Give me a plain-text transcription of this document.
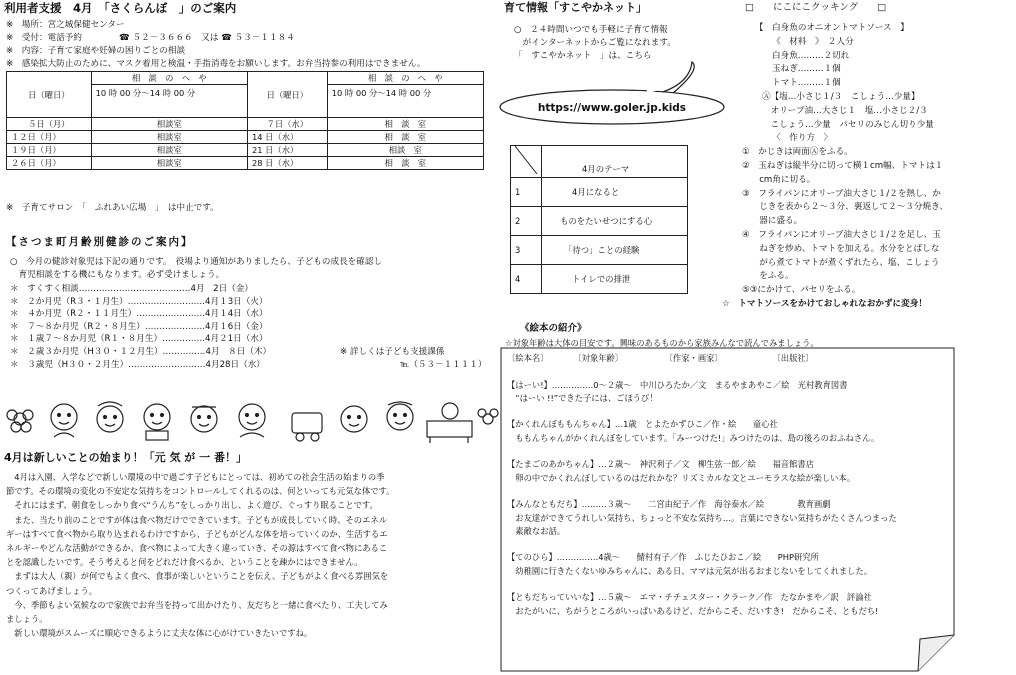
利用者支援　4月　「さくらんぼ　」のご案内
※　場所：宮之城保健センター
※　受付：電話予約　　　　 ☎ ５２－３６６６　又は ☎ ５３－１１８４
※　内容：子育て家庭や妊婦の困りごとの相談
※　感染拡大防止のために、マスク着用と検温・手指消毒をお願いします。お弁当持参の利用はできません。
日（曜日）	相　談　の　へ　や	日（曜日）	相　談　の　へ　や
	10 時 00 分～14 時 00 分		10 時 00 分～14 時 00 分
５日（月）	相談室	７日（水）	相　談　室
１２日（月）	相談室	14 日（水）	相　談　室
１９日（月）	相談室	21 日（水）	相談　室
２６日（月）	相談室	28 日（水）	相　談　室
※　子育てサロン　「　ふれあい広場　」　は中止です。
【さつま町月齢別健診のご案内】
○　今月の健診対象児は下記の通りです。　役場より通知がありましたら、子どもの成長を確認し
　育児相談をする機にもなります。必ず受けましょう。
＊　すくすく相談…………………………………4月　2日（金）
＊　２か月児（R３・１月生）………………………4月１3日（火）
＊　４か月児（R２・１１月生）……………………4月１4日（水）
＊　７～８か月児（R２・８月生）…………………4月１6日（金）
＊　１歳７～８か月児（R１・８月生）……………4月２1日（水）
＊　２歳３か月児（H３０・１２月生）……………4月　８日（木）	※ 詳しくは子ども支援課係
＊　３歳児（H３０・２月生）………………………4月28日（水）	℡（５３－１１１１）
4月は新しいことの始まり！「元 気 が 一 番！」
　4月は入園、入学などで新しい環境の中で過ごす子どもにとっては、初めての社会生活の始まりの季
節です。その環境の変化の不安定な気持ちをコントロールしてくれるのは、何といっても元気な体です。
　それにはまず、朝食をしっかり食べ“うんち”をしっかり出し、よく遊び、ぐっすり眠ることです。
　また、当たり前のことですが体は食べ物だけでできています。子どもが成長していく時、そのエネル
ギーはすべて食べ物から取り込まれるわけですから、子どもがどんな体を培っていくのか、生活するエ
ネルギーやどんな活動ができるか、食べ物によって大きく違っていき、その源はすべて食べ物にあるこ
とを認識したいです。そう考えると何をどれだけ食べるか、ということを疎かにはできません。
　まずは大人（親）が何でもよく食べ、食事が楽しいということを伝え、子どもがよく食べる雰囲気を
つくってあげましょう。
　今、季節もよい気候なので家族でお弁当を持って出かけたり、友だちと一緒に食べたり、工夫してみ
ましょう。
　新しい環境がスムーズに順応できるように丈夫な体に心がけていきたいですね。
育て情報「すこやかネット」
○　２４時間いつでも手軽に子育て情報
　がインターネットからご覧になれます。
「　すこやかネット　」は、こちら
https://www.goler.jp.kids
	4月のテーマ
1	4月になると
2	ものをたいせつにする心
3	「待つ」ことの経験
4	トイレでの排泄
□　　にこにこクッキング　　□
　　【　白身魚のオニオントマトソース　】
　　　　《　材料　》　２人分
白身魚………２切れ
玉ねぎ………１個
トマト………１個
Ⓐ【塩…小さじ１/３　こしょう…少量】
　オリーブ油…大さじ１　塩…小さじ２/３
　こしょう…少量　パセリのみじん切り少量
　　　　〈　作り方　〉
①　かじきは両面Ⓐをふる。
②　玉ねぎは縦半分に切って横１cm幅、トマトは１
　　cm角に切る。
③　フライパンにオリーブ油大さじ１/２を熱し、か
　　じきを表から２～３分、裏返して２～３分焼き、
　　器に盛る。
④　フライパンにオリーブ油大さじ１/２を足し、玉
　　ねぎを炒め、トマトを加える。水分をとばしな
　　がら煮てトマトが煮くずれたら、塩、こしょう
　　をふる。
⑤③にかけて、パセリをふる。
☆　トマトソースをかけておしゃれなおかずに変身！
《絵本の紹介》
☆対象年齢は大体の目安です。興味のあるものから家族みんなで読んでみましょう。
〔絵本名〕　　　　〔対象年齢〕　　　　　　〔作家・画家〕　　　　　　　〔出版社〕
【はーい!】……………0～２歳～　中川ひろたか／文　まるやまあやこ／絵　光村教育図書
　“はーい !!”できた子には、ごほうび！
【かくれんぼももんちゃん】…1歳　とよたかずひこ／作・絵　　童心社
　ももんちゃんがかくれんぼをしています。「みーつけた!」みつけたのは、島の後ろのおふねさん。
【たまごのあかちゃん】…２歳～　神沢利子／文　柳生弦一郎／絵　　福音館書店
　卵の中でかくれんぼしているのはだれかな？リズミカルな文とユーモラスな絵が楽しい本。
【みんなともだち】………３歳～　　二宮由紀子／作　海谷泰水／絵　　　　教育画劇
　お友達ができてうれしい気持ち、ちょっと不安な気持ち…。言葉にできない気持ちがたくさんつまった
　素敵なお話。
【てのひら】……………4歳～　　鯖村有子／作　ふじたひおこ／絵　　PHP研究所
　幼稚園に行きたくないゆみちゃんに、ある日、ママは元気が出るおまじないをしてくれました。
【ともだちっていいな】…５歳～　エマ・チチェスター・クラーク／作　たなかまや／訳　評論社
　おたがいに、ちがうところがいっぱいあるけど、だからこそ、だいすき!　だからこそ、ともだち!
